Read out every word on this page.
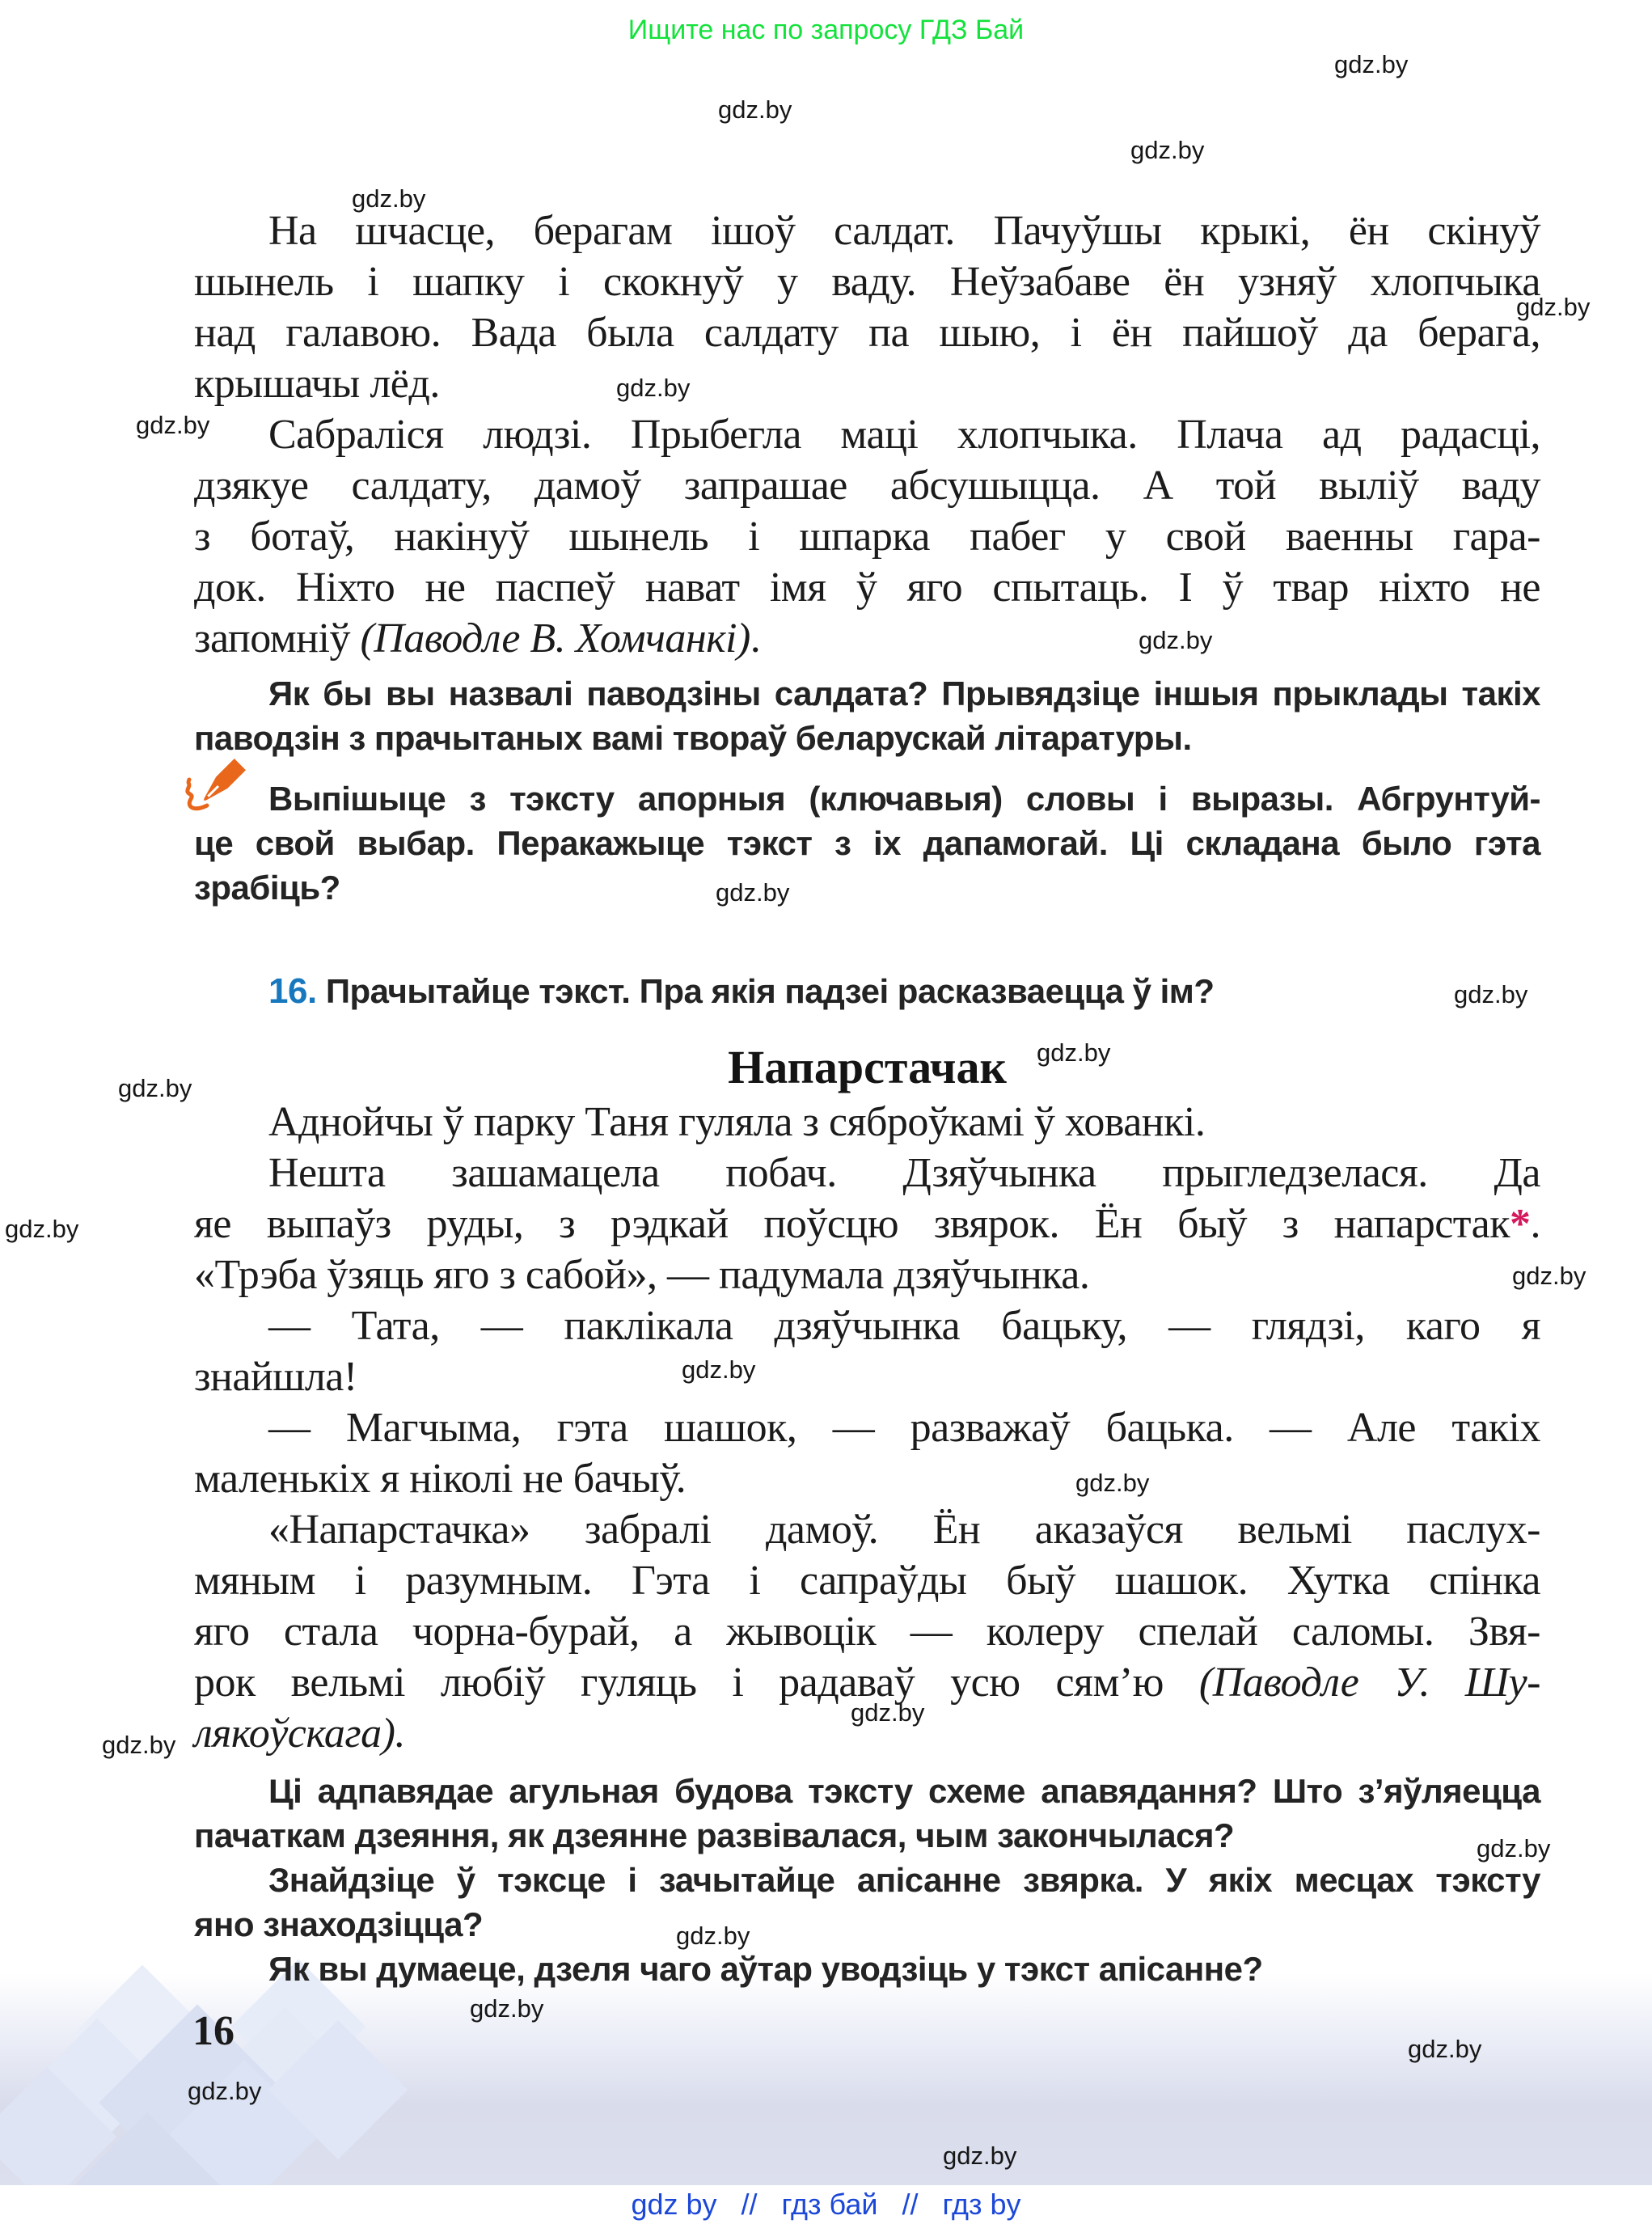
Ищите нас по запросу ГДЗ Бай
gdz.by
gdz.by
gdz.by
gdz.by
gdz.by
gdz.by
gdz.by
gdz.by
gdz.by
gdz.by
gdz.by
gdz.by
gdz.by
gdz.by
gdz.by
gdz.by
gdz.by
gdz.by
gdz.by
gdz.by
gdz.by
gdz.by
gdz.by
gdz.by
На шчасце, берагам ішоў салдат. Пачуўшы крыкі, ён скінуў
шынель і шапку і скокнуў у ваду. Неўзабаве ён узняў хлопчыка
над галавою. Вада была салдату па шыю, і ён пайшоў да берага,
крышачы лёд.
Сабраліся людзі. Прыбегла маці хлопчыка. Плача ад радасці,
дзякуе салдату, дамоў запрашае абсушыцца. А той выліў ваду
з ботаў, накінуў шынель і шпарка пабег у свой ваенны гара-
док. Ніхто не паспеў нават імя ў яго спытаць. І ў твар ніхто не
запомніў (Паводле В. Хомчанкі).
Як бы вы назвалі паводзіны салдата? Прывядзіце іншыя прыклады такіх
паводзін з прачытаных вамі твораў беларускай літаратуры.
Выпішыце з тэксту апорныя (ключавыя) словы і выразы. Абгрунтуй-
це свой выбар. Перакажыце тэкст з іх дапамогай. Ці складана было гэта
зрабіць?
16. Прачытайце тэкст. Пра якія падзеі расказваецца ў ім?
Напарстачак
Аднойчы ў парку Таня гуляла з сяброўкамі ў хованкі.
Нешта зашамацела побач. Дзяўчынка прыгледзелася. Да
яе выпаўз руды, з рэдкай поўсцю звярок. Ён быў з напарстак*.
«Трэба ўзяць яго з сабой», — падумала дзяўчынка.
— Тата, — паклікала дзяўчынка бацьку, — глядзі, каго я
знайшла!
— Магчыма, гэта шашок, — разважаў бацька. — Але такіх
маленькіх я ніколі не бачыў.
«Напарстачка» забралі дамоў. Ён аказаўся вельмі паслух-
мяным і разумным. Гэта і сапраўды быў шашок. Хутка спінка
яго стала чорна-бурай, а жывоцік — колеру спелай саломы. Звя-
рок вельмі любіў гуляць і радаваў усю сям’ю (Паводле У. Шу-
лякоўскага).
Ці адпавядае агульная будова тэксту схеме апавядання? Што з’яўляецца
пачаткам дзеяння, як дзеянне развівалася, чым закончылася?
Знайдзіце ў тэксце і зачытайце апісанне звярка. У якіх месцах тэксту
яно знаходзіцца?
Як вы думаеце, дзеля чаго аўтар уводзіць у тэкст апісанне?
16
gdz by // гдз бай // гдз by
